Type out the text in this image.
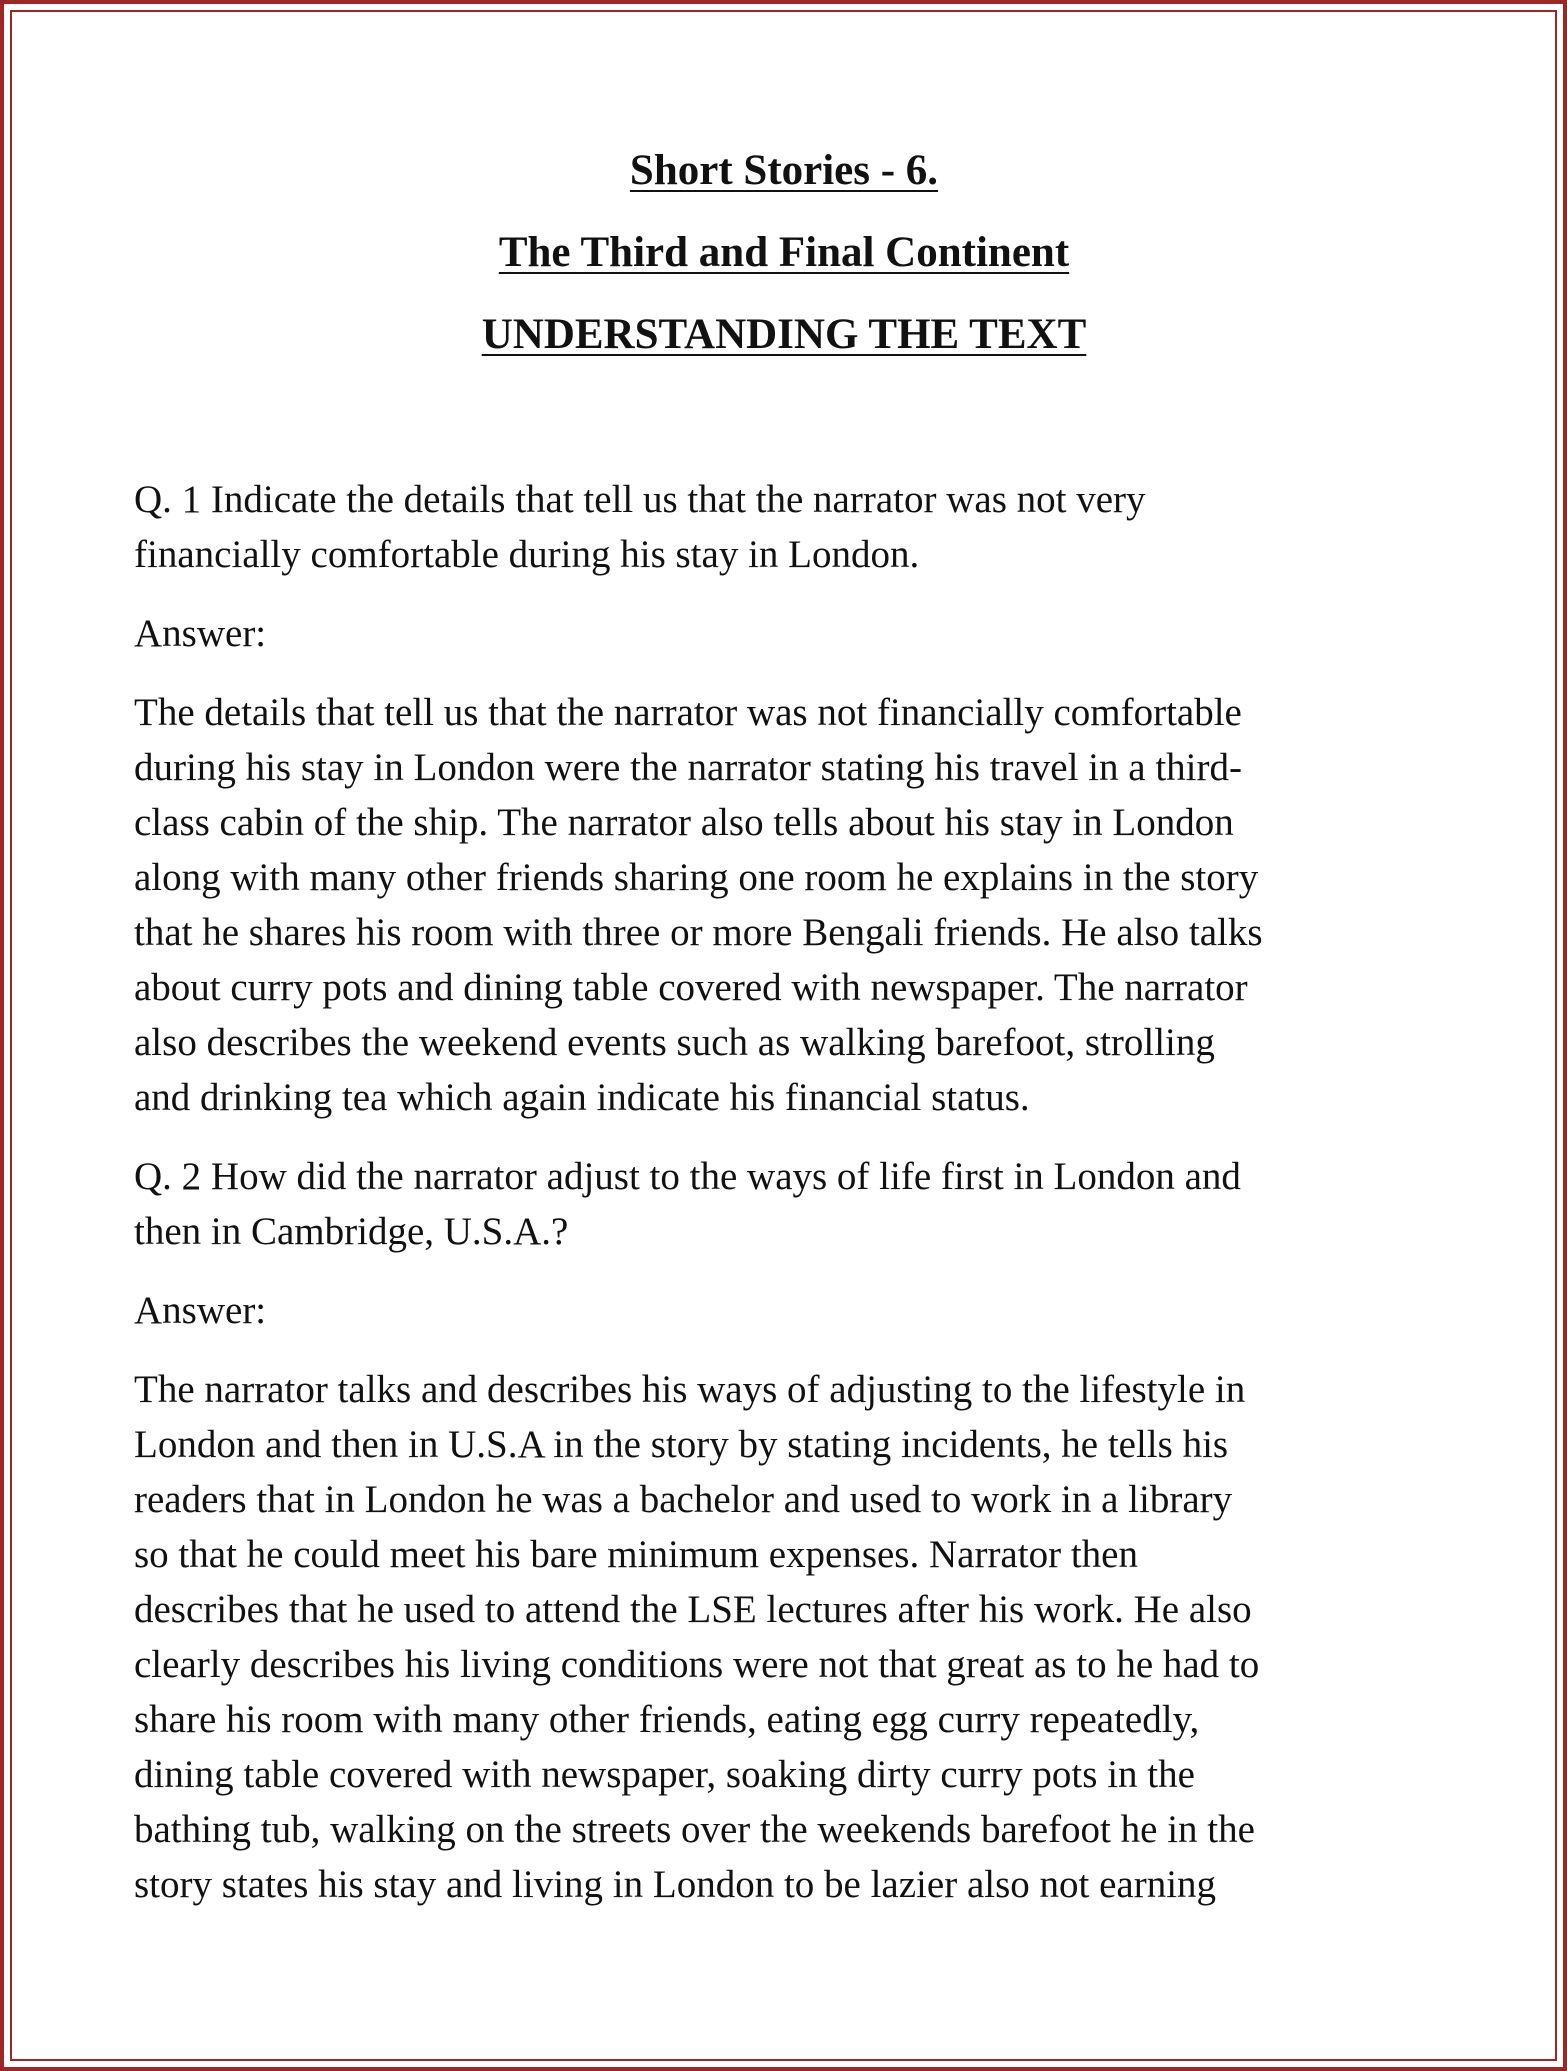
Short Stories - 6.
The Third and Final Continent
UNDERSTANDING THE TEXT
Q. 1 Indicate the details that tell us that the narrator was not very
financially comfortable during his stay in London.
Answer:
The details that tell us that the narrator was not financially comfortable
during his stay in London were the narrator stating his travel in a third-
class cabin of the ship. The narrator also tells about his stay in London
along with many other friends sharing one room he explains in the story
that he shares his room with three or more Bengali friends. He also talks
about curry pots and dining table covered with newspaper. The narrator
also describes the weekend events such as walking barefoot, strolling
and drinking tea which again indicate his financial status.
Q. 2 How did the narrator adjust to the ways of life first in London and
then in Cambridge, U.S.A.?
Answer:
The narrator talks and describes his ways of adjusting to the lifestyle in
London and then in U.S.A in the story by stating incidents, he tells his
readers that in London he was a bachelor and used to work in a library
so that he could meet his bare minimum expenses. Narrator then
describes that he used to attend the LSE lectures after his work. He also
clearly describes his living conditions were not that great as to he had to
share his room with many other friends, eating egg curry repeatedly,
dining table covered with newspaper, soaking dirty curry pots in the
bathing tub, walking on the streets over the weekends barefoot he in the
story states his stay and living in London to be lazier also not earning
